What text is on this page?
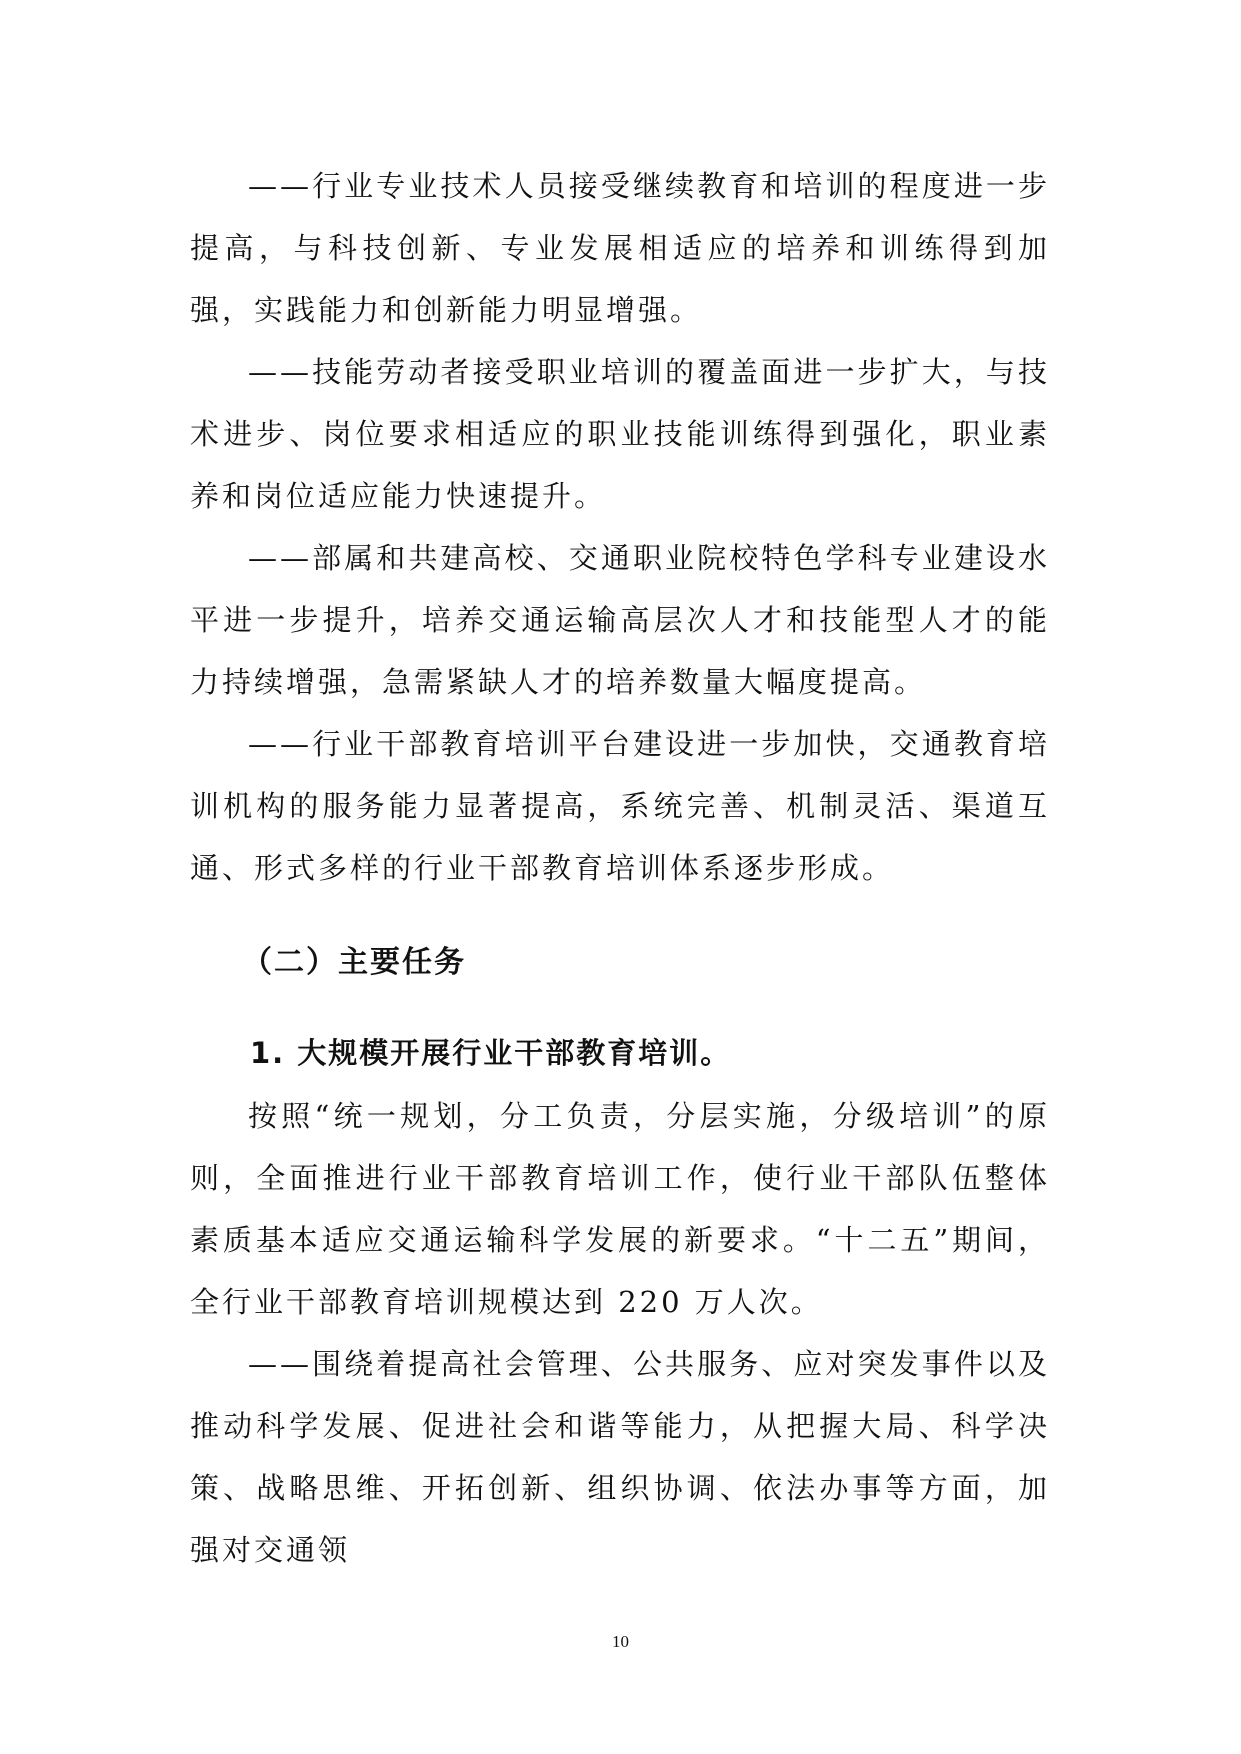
——行业专业技术人员接受继续教育和培训的程度进一步提高，与科技创新、专业发展相适应的培养和训练得到加强，实践能力和创新能力明显增强。

——技能劳动者接受职业培训的覆盖面进一步扩大，与技术进步、岗位要求相适应的职业技能训练得到强化，职业素养和岗位适应能力快速提升。

——部属和共建高校、交通职业院校特色学科专业建设水平进一步提升，培养交通运输高层次人才和技能型人才的能力持续增强，急需紧缺人才的培养数量大幅度提高。

——行业干部教育培训平台建设进一步加快，交通教育培训机构的服务能力显著提高，系统完善、机制灵活、渠道互通、形式多样的行业干部教育培训体系逐步形成。

（二）主要任务

1. 大规模开展行业干部教育培训。

按照“统一规划，分工负责，分层实施，分级培训”的原则，全面推进行业干部教育培训工作，使行业干部队伍整体素质基本适应交通运输科学发展的新要求。“十二五”期间，全行业干部教育培训规模达到 220 万人次。

——围绕着提高社会管理、公共服务、应对突发事件以及推动科学发展、促进社会和谐等能力，从把握大局、科学决策、战略思维、开拓创新、组织协调、依法办事等方面，加强对交通领

10
